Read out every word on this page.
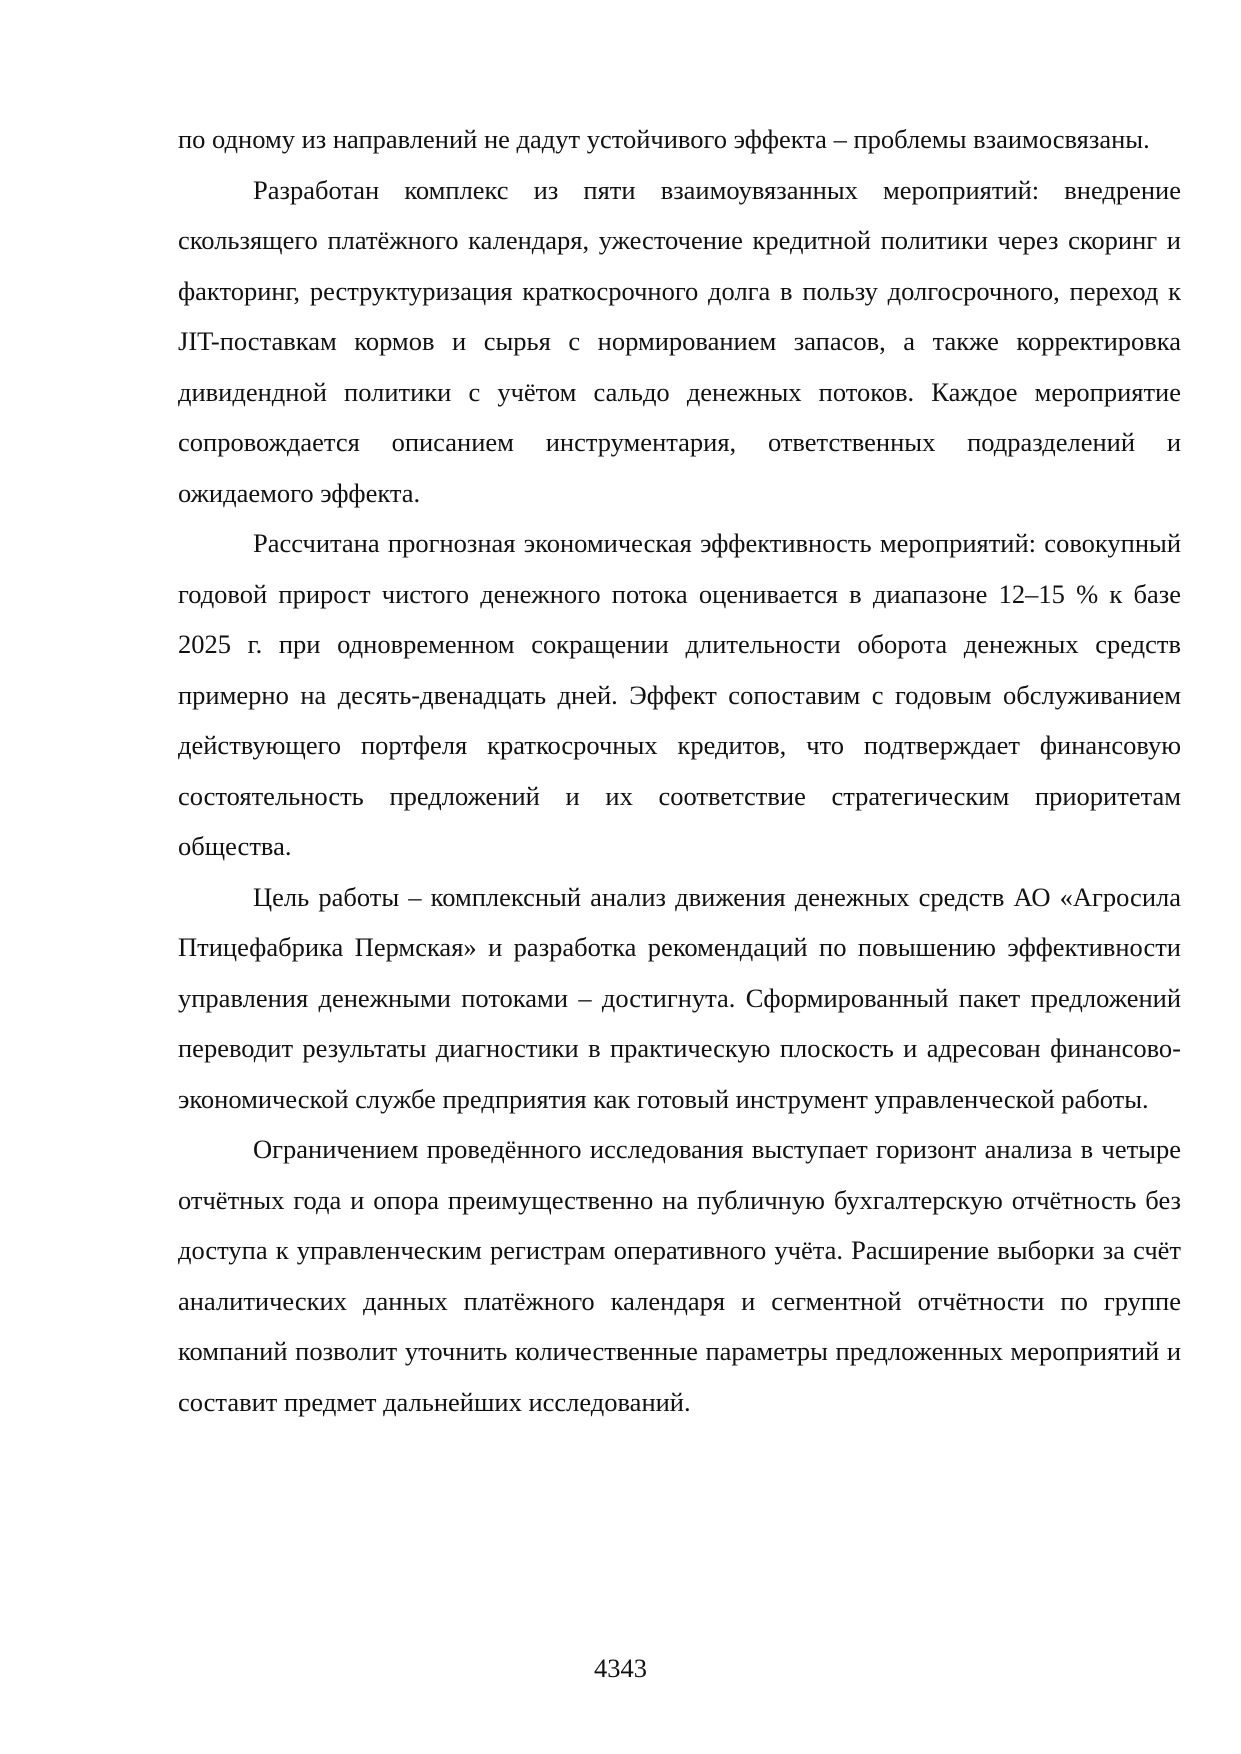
по одному из направлений не дадут устойчивого эффекта – проблемы взаимосвязаны.

Разработан комплекс из пяти взаимоувязанных мероприятий: внедрение скользящего платёжного календаря, ужесточение кредитной политики через скоринг и факторинг, реструктуризация краткосрочного долга в пользу долгосрочного, переход к JIT-поставкам кормов и сырья с нормированием запасов, а также корректировка дивидендной политики с учётом сальдо денежных потоков. Каждое мероприятие сопровождается описанием инструментария, ответственных подразделений и ожидаемого эффекта.

Рассчитана прогнозная экономическая эффективность мероприятий: совокупный годовой прирост чистого денежного потока оценивается в диапазоне 12–15 % к базе 2025 г. при одновременном сокращении длительности оборота денежных средств примерно на десять-двенадцать дней. Эффект сопоставим с годовым обслуживанием действующего портфеля краткосрочных кредитов, что подтверждает финансовую состоятельность предложений и их соответствие стратегическим приоритетам общества.

Цель работы – комплексный анализ движения денежных средств АО «Агросила Птицефабрика Пермская» и разработка рекомендаций по повышению эффективности управления денежными потоками – достигнута. Сформированный пакет предложений переводит результаты диагностики в практическую плоскость и адресован финансово-экономической службе предприятия как готовый инструмент управленческой работы.

Ограничением проведённого исследования выступает горизонт анализа в четыре отчётных года и опора преимущественно на публичную бухгалтерскую отчётность без доступа к управленческим регистрам оперативного учёта. Расширение выборки за счёт аналитических данных платёжного календаря и сегментной отчётности по группе компаний позволит уточнить количественные параметры предложенных мероприятий и составит предмет дальнейших исследований.

4343
